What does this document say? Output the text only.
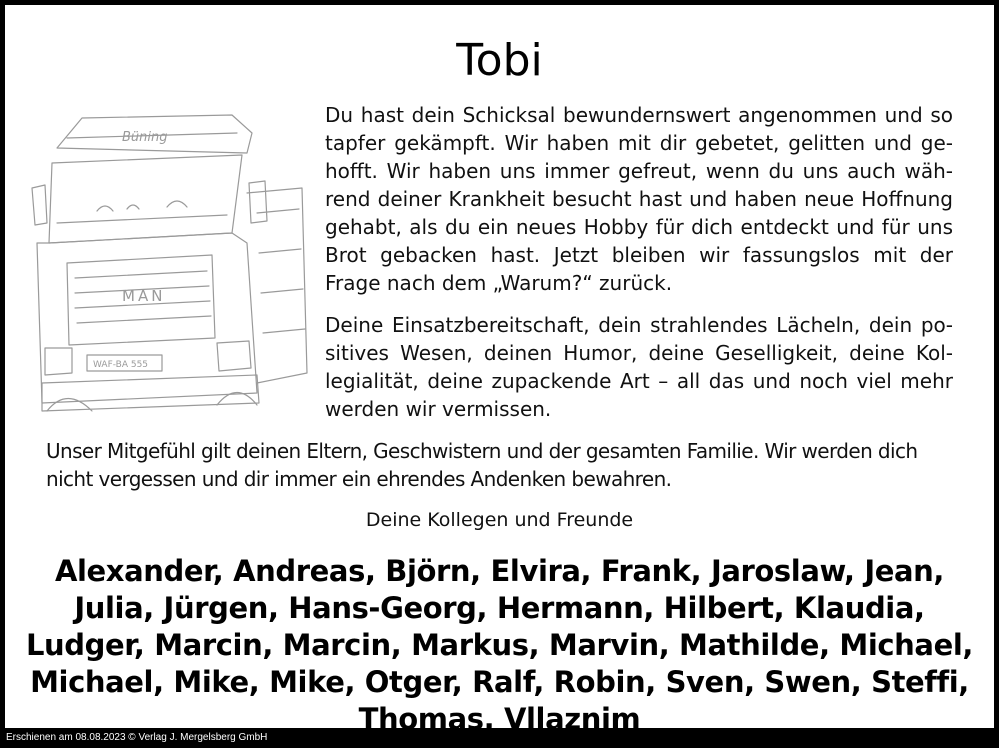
Tobi
Büning
MAN
WAF-BA 555
Du hast dein Schicksal bewundernswert angenommen und so tapfer gekämpft. Wir haben mit dir gebetet, gelitten und gehofft. Wir haben uns immer gefreut, wenn du uns auch während deiner Krankheit besucht hast und haben neue Hoffnung gehabt, als du ein neues Hobby für dich entdeckt und für uns Brot gebacken hast. Jetzt bleiben wir fassungslos mit der Frage nach dem „Warum?“ zurück.
Deine Einsatzbereitschaft, dein strahlendes Lächeln, dein positives Wesen, deinen Humor, deine Geselligkeit, deine Kollegialität, deine zupackende Art – all das und noch viel mehr werden wir vermissen.
Unser Mitgefühl gilt deinen Eltern, Geschwistern und der gesamten Familie. Wir werden dich nicht vergessen und dir immer ein ehrendes Andenken bewahren.
Deine Kollegen und Freunde
Alexander, Andreas, Björn, Elvira, Frank, Jaroslaw, Jean, Julia, Jürgen, Hans-Georg, Hermann, Hilbert, Klaudia, Ludger, Marcin, Marcin, Markus, Marvin, Mathilde, Michael, Michael, Mike, Mike, Otger, Ralf, Robin, Sven, Swen, Steffi, Thomas, Vllaznim
Erschienen am 08.08.2023 © Verlag J. Mergelsberg GmbH
